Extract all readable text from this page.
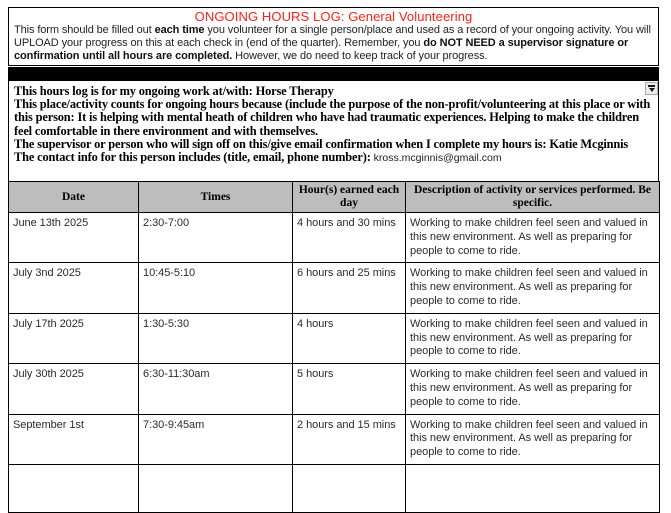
ONGOING HOURS LOG: General Volunteering

This form should be filled out each time you volunteer for a single person/place and used as a record of your ongoing activity. You will UPLOAD your progress on this at each check in (end of the quarter). Remember, you do NOT NEED a supervisor signature or confirmation until all hours are completed. However, we do need to keep track of your progress.

This hours log is for my ongoing work at/with: Horse Therapy

This place/activity counts for ongoing hours because (include the purpose of the non-profit/volunteering at this place or with this person: It is helping with mental heath of children who have had traumatic experiences. Helping to make the children feel comfortable in there environment and with themselves.

The supervisor or person who will sign off on this/give email confirmation when I complete my hours is: Katie Mcginnis

The contact info for this person includes (title, email, phone number): kross.mcginnis@gmail.com

Date	Times	Hour(s) earned each day	Description of activity or services performed. Be specific.
June 13th 2025	2:30-7:00	4 hours and 30 mins	Working to make children feel seen and valued in this new environment. As well as preparing for people to come to ride.
July 3nd 2025	10:45-5:10	6 hours and 25 mins	Working to make children feel seen and valued in this new environment. As well as preparing for people to come to ride.
July 17th 2025	1:30-5:30	4 hours	Working to make children feel seen and valued in this new environment. As well as preparing for people to come to ride.
July 30th 2025	6:30-11:30am	5 hours	Working to make children feel seen and valued in this new environment. As well as preparing for people to come to ride.
September 1st	7:30-9:45am	2 hours and 15 mins	Working to make children feel seen and valued in this new environment. As well as preparing for people to come to ride.
